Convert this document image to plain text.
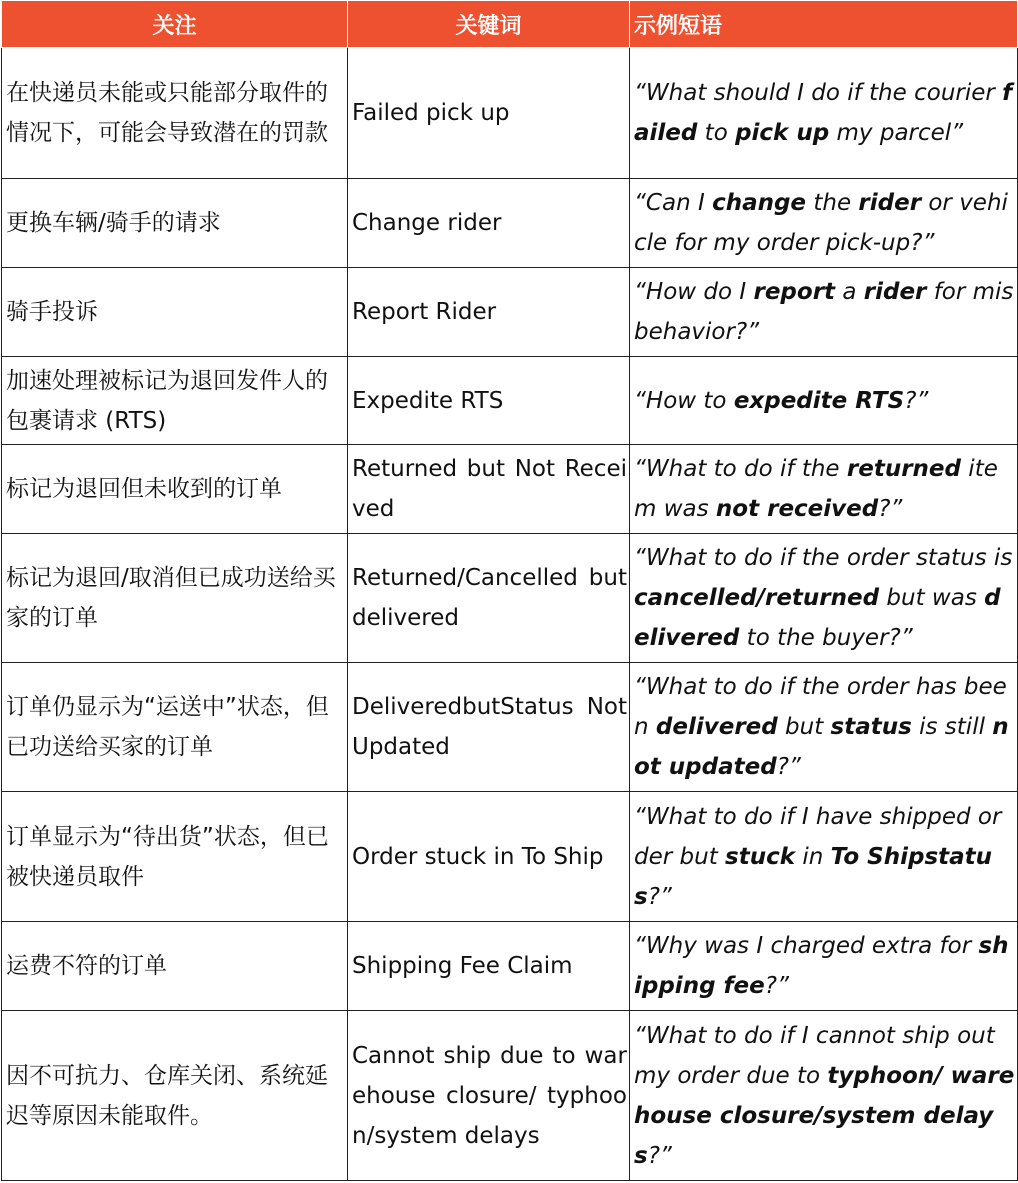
关注	关键词	示例短语
在快递员未能或只能部分取件的情况下，可能会导致潜在的罚款	Failed pick up	“What should I do if the courier failed to pick up my parcel”
更换车辆/骑手的请求	Change rider	“Can I change the rider or vehicle for my order pick-up?”
骑手投诉	Report Rider	“How do I report a rider for misbehavior?”
加速处理被标记为退回发件人的包裹请求 (RTS)	Expedite RTS	“How to expedite RTS?”
标记为退回但未收到的订单	Returned but Not Received	“What to do if the returned item was not received?”
标记为退回/取消但已成功送给买家的订单	Returned/Cancelled but delivered	“What to do if the order status is cancelled/returned but was delivered to the buyer?”
订单仍显示为“运送中”状态，但已功送给买家的订单	DeliveredbutStatus Not Updated	“What to do if the order has been delivered but status is still not updated?”
订单显示为“待出货”状态，但已被快递员取件	Order stuck in To Ship	“What to do if I have shipped order but stuck in To Shipstatus?”
运费不符的订单	Shipping Fee Claim	“Why was I charged extra for shipping fee?”
因不可抗力、仓库关闭、系统延迟等原因未能取件。	Cannot ship due to warehouse closure/ typhoon/system delays	“What to do if I cannot ship out my order due to typhoon/ warehouse closure/system delays?”
